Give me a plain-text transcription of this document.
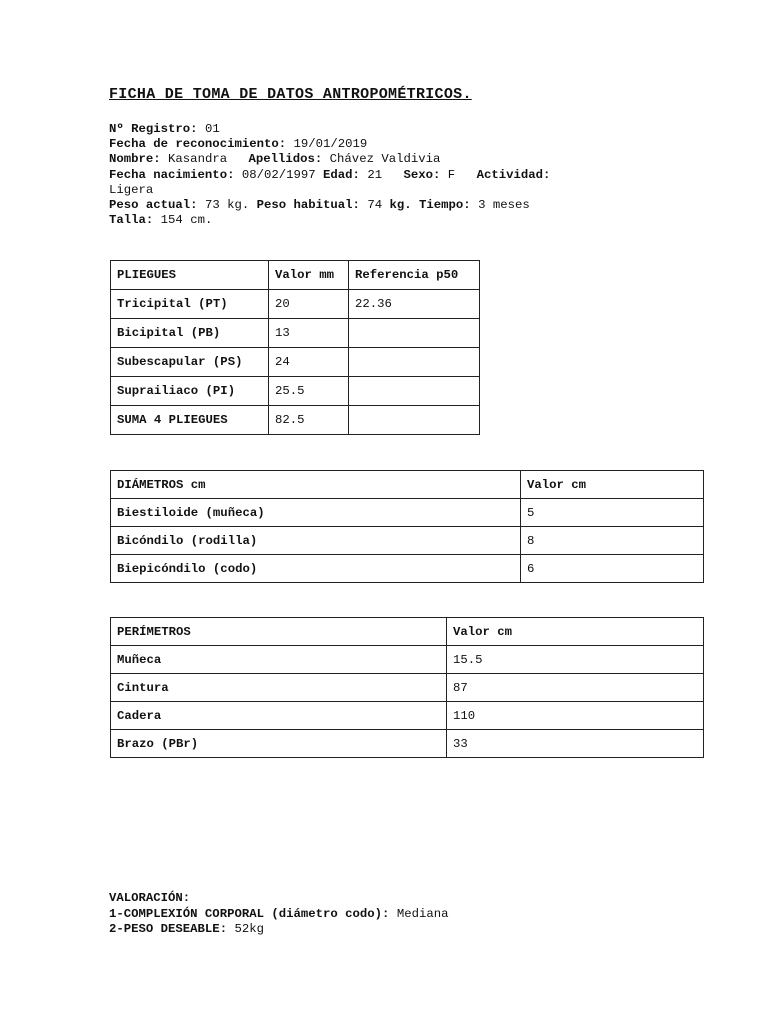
FICHA DE TOMA DE DATOS ANTROPOMÉTRICOS.
Nº Registro: 01
Fecha de reconocimiento: 19/01/2019
Nombre: Kasandra Apellidos: Chávez Valdivia
Fecha nacimiento: 08/02/1997 Edad: 21 Sexo: F Actividad:
Ligera
Peso actual: 73 kg. Peso habitual: 74 kg. Tiempo: 3 meses
Talla: 154 cm.
PLIEGUES	Valor mm	Referencia p50
Tricipital (PT)	20	22.36
Bicipital (PB)	13	
Subescapular (PS)	24	
Suprailiaco (PI)	25.5	
SUMA 4 PLIEGUES	82.5	
DIÁMETROS cm	Valor cm
Biestiloide (muñeca)	5
Bicóndilo (rodilla)	8
Biepicóndilo (codo)	6
PERÍMETROS	Valor cm
Muñeca	15.5
Cintura	87
Cadera	110
Brazo (PBr)	33
VALORACIÓN:
1-COMPLEXIÓN CORPORAL (diámetro codo): Mediana
2-PESO DESEABLE: 52kg
